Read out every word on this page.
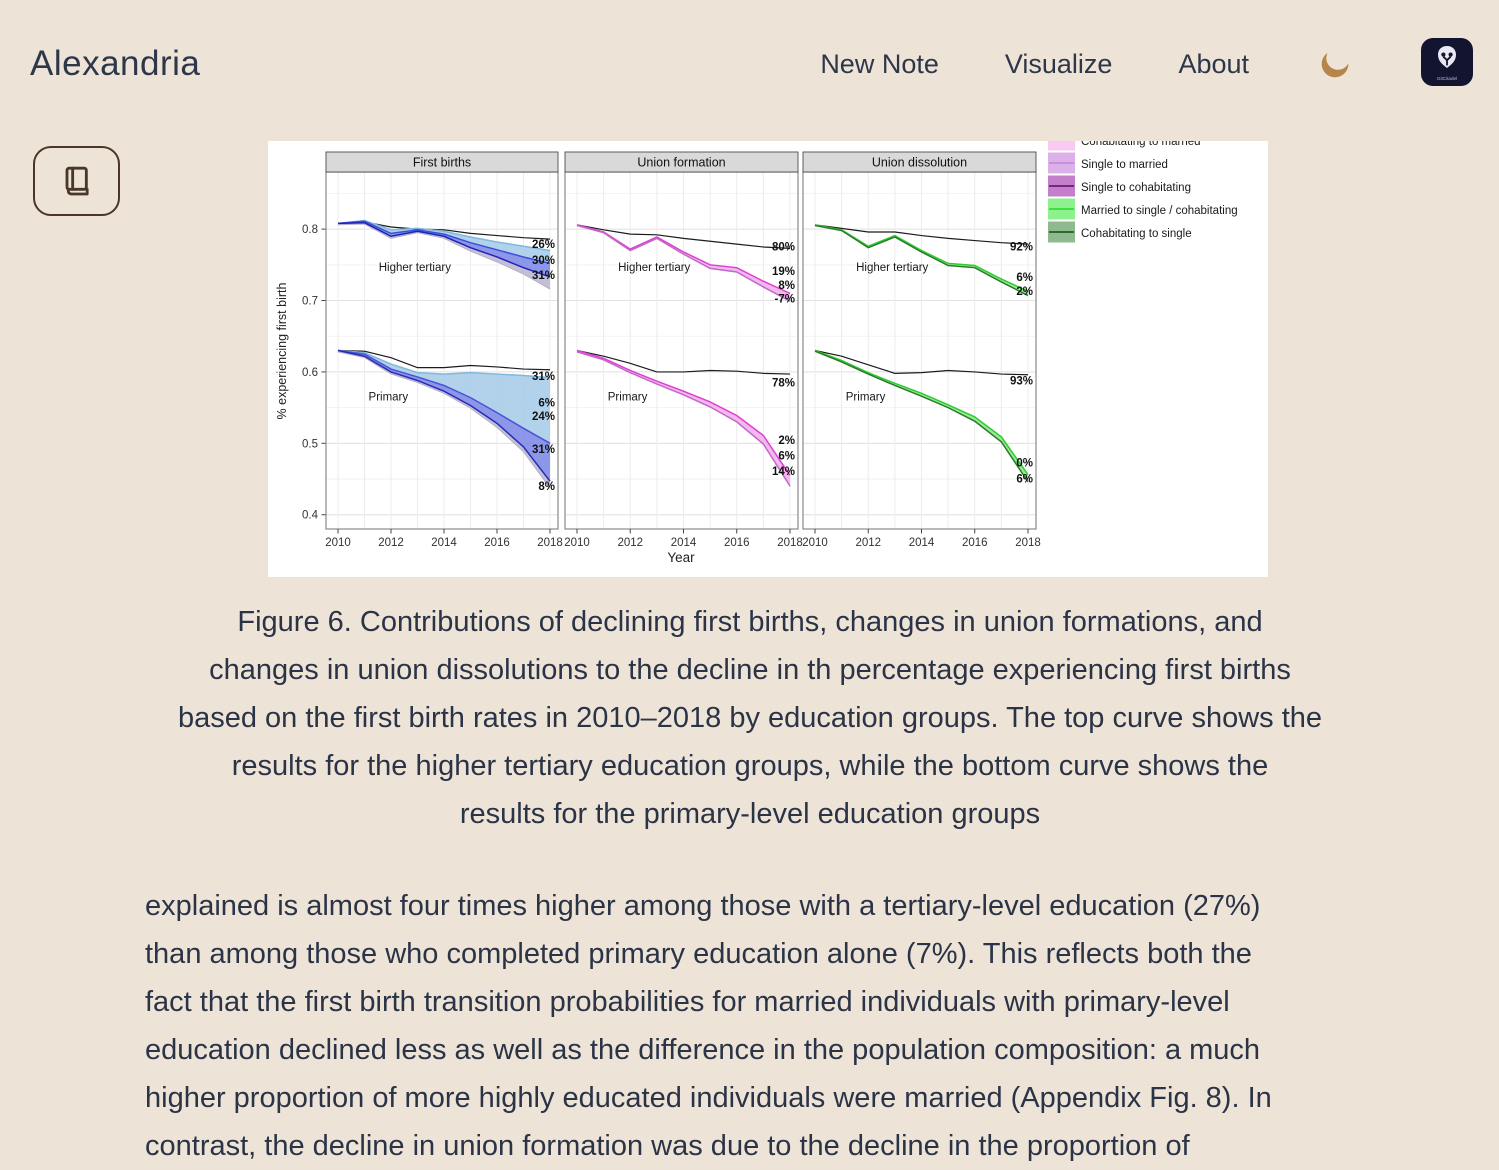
Alexandria	New Note Visualize About	GitCitadel
% experiencing first birth
0.4
0.5
0.6
0.7
0.8
Higher tertiary
26%
30%
31%
Primary
31%
6%
24%
31%
8%
First births
2010 2012 2014 2016 2018
Higher tertiary
80%
19%
8%
-7%
Primary
78%
2%
6%
14%
Union formation
2010 2012 2014 2016 2018
Higher tertiary
92%
6%
2%
Primary
93%
0%
6%
Union dissolution
2010 2012 2014 2016 2018
Year
Cohabitating to married
Single to married
Single to cohabitating
Married to single / cohabitating
Cohabitating to single
Figure 6. Contributions of declining first births, changes in union formations, and
changes in union dissolutions to the decline in th percentage experiencing first births
based on the first birth rates in 2010–2018 by education groups. The top curve shows the
results for the higher tertiary education groups, while the bottom curve shows the
results for the primary-level education groups
explained is almost four times higher among those with a tertiary-level education (27%)
than among those who completed primary education alone (7%). This reflects both the
fact that the first birth transition probabilities for married individuals with primary-level
education declined less as well as the difference in the population composition: a much
higher proportion of more highly educated individuals were married (Appendix Fig. 8). In
contrast, the decline in union formation was due to the decline in the proportion of
